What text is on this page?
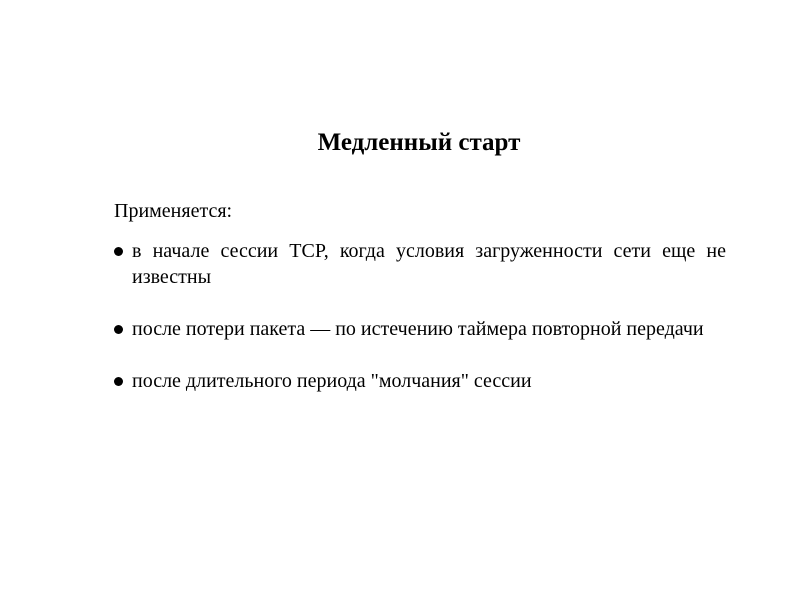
Медленный старт

Применяется:

в начале сессии TCP, когда условия загруженности сети еще не известны
после потери пакета — по истечению таймера повторной передачи
после длительного периода "молчания" сессии
